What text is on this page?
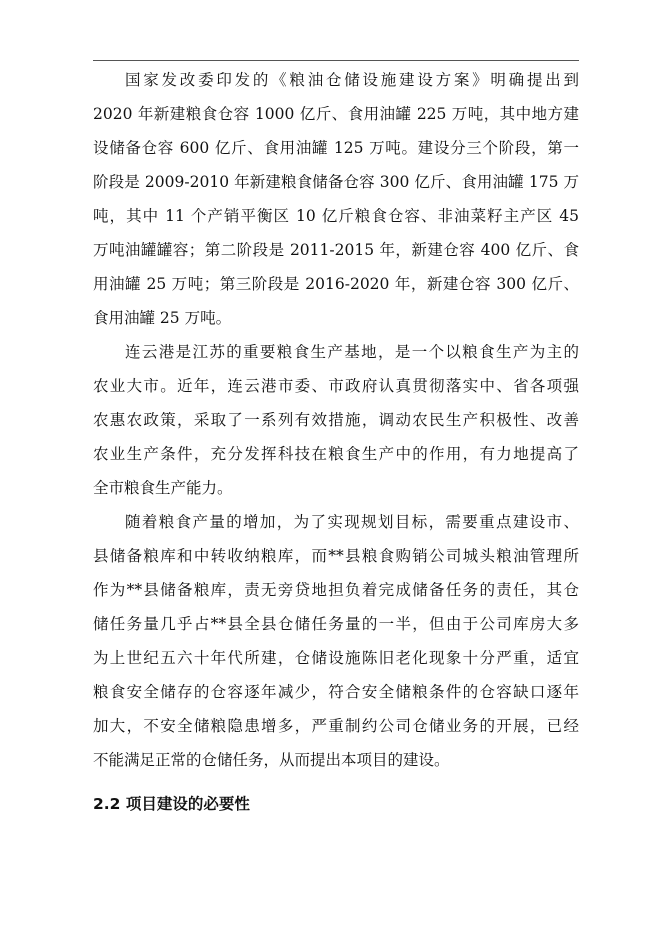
国家发改委印发的《粮油仓储设施建设方案》明确提出到
2020 年新建粮食仓容 1000 亿斤、食用油罐 225 万吨，其中地方建
设储备仓容 600 亿斤、食用油罐 125 万吨。建设分三个阶段，第一
阶段是 2009-2010 年新建粮食储备仓容 300 亿斤、食用油罐 175 万
吨，其中 11 个产销平衡区 10 亿斤粮食仓容、非油菜籽主产区 45
万吨油罐罐容；第二阶段是 2011-2015 年，新建仓容 400 亿斤、食
用油罐 25 万吨；第三阶段是 2016-2020 年，新建仓容 300 亿斤、
食用油罐 25 万吨。

连云港是江苏的重要粮食生产基地，是一个以粮食生产为主的
农业大市。近年，连云港市委、市政府认真贯彻落实中、省各项强
农惠农政策，采取了一系列有效措施，调动农民生产积极性、改善
农业生产条件，充分发挥科技在粮食生产中的作用，有力地提高了
全市粮食生产能力。

随着粮食产量的增加，为了实现规划目标，需要重点建设市、
县储备粮库和中转收纳粮库，而**县粮食购销公司城头粮油管理所
作为**县储备粮库，责无旁贷地担负着完成储备任务的责任，其仓
储任务量几乎占**县全县仓储任务量的一半，但由于公司库房大多
为上世纪五六十年代所建，仓储设施陈旧老化现象十分严重，适宜
粮食安全储存的仓容逐年减少，符合安全储粮条件的仓容缺口逐年
加大，不安全储粮隐患增多，严重制约公司仓储业务的开展，已经
不能满足正常的仓储任务，从而提出本项目的建设。

2.2 项目建设的必要性
